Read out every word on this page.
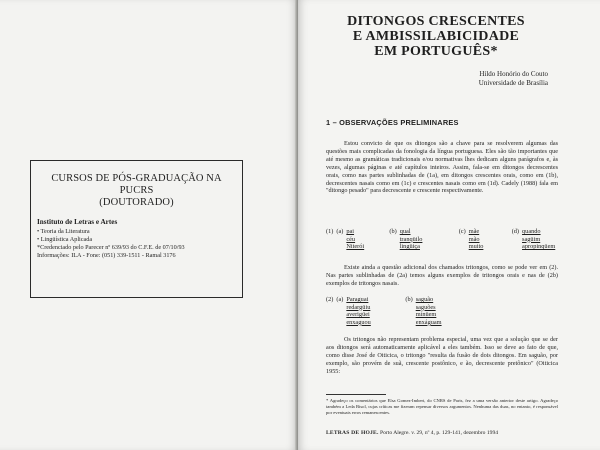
CURSOS DE PÓS-GRADUAÇÃO NA PUCRS
(DOUTORADO)
Instituto de Letras e Artes
• Teoria da Literatura
• Lingüística Aplicada
*Credenciado pelo Parecer nº 639/93 do C.F.E. de 07/10/93
Informações: ILA - Fone: (051) 339-1511 - Ramal 3176
DITONGOS CRESCENTES
E AMBISSILABICIDADE
EM PORTUGUÊS*
Hildo Honório do Couto
Universidade de Brasília
1 – OBSERVAÇÕES PRELIMINARES
Estou convicto de que os ditongos são a chave para se resolverem algumas das questões mais complicadas da fonologia da língua portuguesa. Eles são tão importantes que até mesmo as gramáticas tradicionais e/ou normativas lhes dedicam alguns parágrafos e, às vezes, algumas páginas e até capítulos inteiros. Assim, fala-se em ditongos decrescentes orais, como nas partes sublinhadas de (1a), em ditongos crescentes orais, como em (1b), decrescentes nasais como em (1c) e crescentes nasais como em (1d). Cadely (1988) fala em "ditongo pesado" para decrescente e crescente respectivamente.
(1)	(a)	pai	(b)	qual	(c)	mãe	(d)	quando
		céu		tranqüilo		mão		sagüim
		Niterói		lingüiça		muito		apropinqüem
Existe ainda a questão adicional dos chamados tritongos, como se pode ver em (2). Nas partes sublinhadas de (2a) temos alguns exemplos de tritongos orais e nas de (2b) exemplos de tritongos nasais.
(2)	(a)	Paraguai	(b)	saguão
		redargüiu		saguões
		averigüei		mínüem
		enxaguou		enxáguam
Os tritongos não representam problema especial, uma vez que a solução que se der aos ditongos será automaticamente aplicável a eles também. Isso se deve ao fato de que, como disse José de Oiticica, o tritongo "resulta da fusão de dois ditongos. Em saguão, por exemplo, são provém de suã, crescente postônico, e ão, decrescente pretônico" (Oiticica 1955:
* Agradeço os comentários que Elsa Gomez-Imbert, do CNRS de Paris, fez a uma versão anterior deste artigo. Agradeço também a Leda Bisol, cujas críticas me fizeram repensar diversos argumentos. Nenhuma das duas, no entanto, é responsável por eventuais erros remanescentes.
LETRAS DE HOJE. Porto Alegre. v. 29, nº 4, p. 129-141, dezembro 1994
